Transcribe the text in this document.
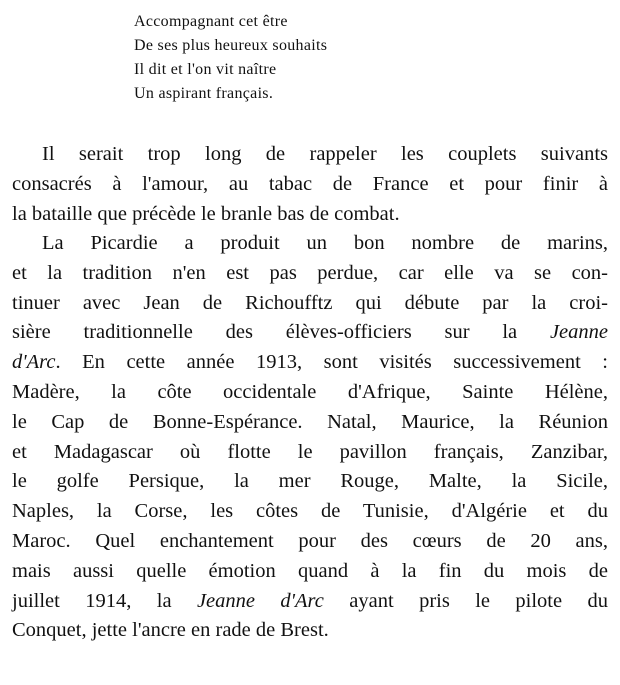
Accompagnant cet être
De ses plus heureux souhaits
Il dit et l'on vit naître
Un aspirant français.
Il serait trop long de rappeler les couplets suivants
consacrés à l'amour, au tabac de France et pour finir à
la bataille que précède le branle bas de combat.
La Picardie a produit un bon nombre de marins,
et la tradition n'en est pas perdue, car elle va se con-
tinuer avec Jean de Richoufftz qui débute par la croi-
sière traditionnelle des élèves-officiers sur la Jeanne
d'Arc. En cette année 1913, sont visités successivement :
Madère, la côte occidentale d'Afrique, Sainte Hélène,
le Cap de Bonne-Espérance. Natal, Maurice, la Réunion
et Madagascar où flotte le pavillon français, Zanzibar,
le golfe Persique, la mer Rouge, Malte, la Sicile,
Naples, la Corse, les côtes de Tunisie, d'Algérie et du
Maroc. Quel enchantement pour des cœurs de 20 ans,
mais aussi quelle émotion quand à la fin du mois de
juillet 1914, la Jeanne d'Arc ayant pris le pilote du
Conquet, jette l'ancre en rade de Brest.
